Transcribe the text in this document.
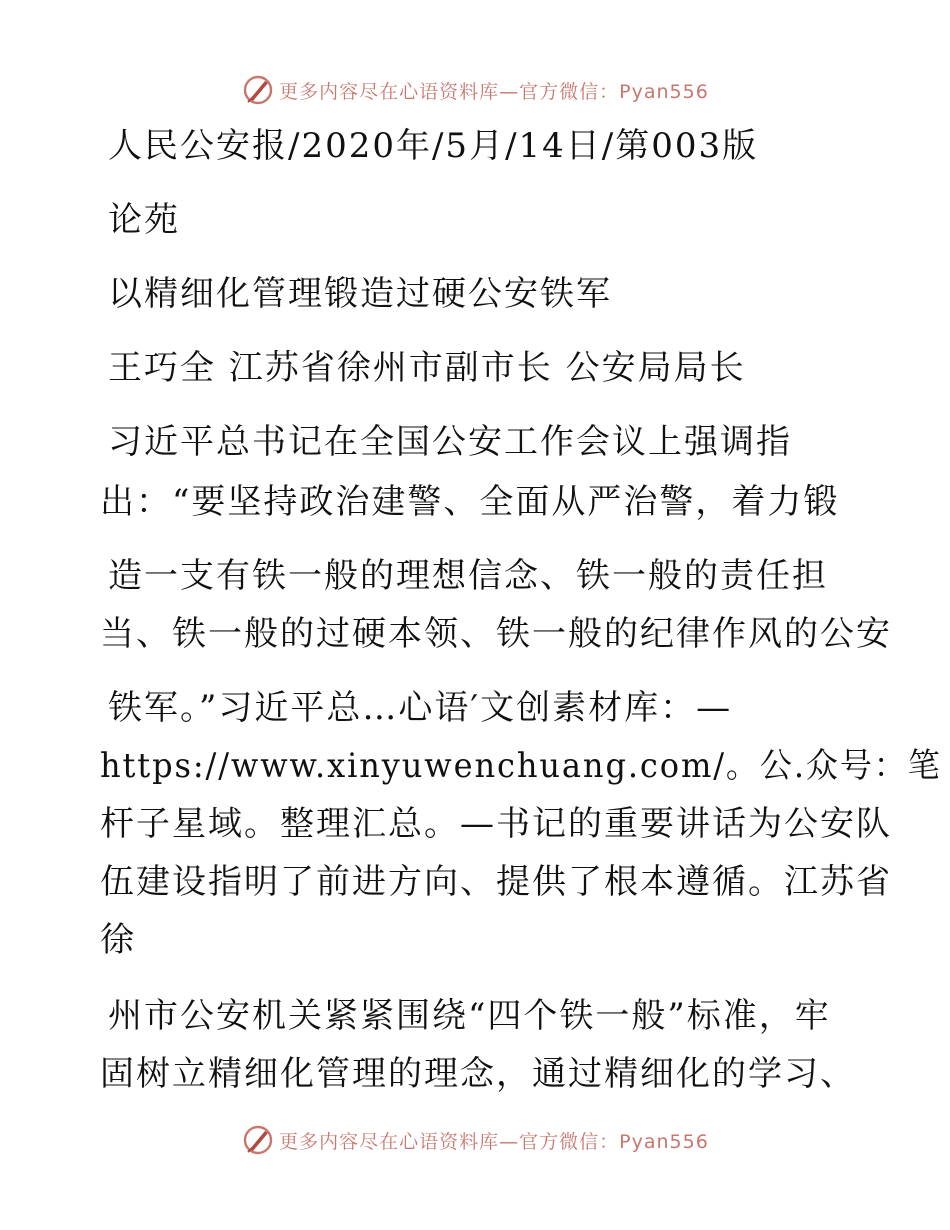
更多内容尽在心语资料库—官方微信：Pyan556
人民公安报/2020年/5月/14日/第003版
论苑
以精细化管理锻造过硬公安铁军
王巧全 江苏省徐州市副市长 公安局局长
习近平总书记在全国公安工作会议上强调指
出：“要坚持政治建警、全面从严治警，着力锻
造一支有铁一般的理想信念、铁一般的责任担
当、铁一般的过硬本领、铁一般的纪律作风的公安
铁军。”习近平总…心语′文创素材库：—
https://www.xinyuwenchuang.com/。公.众号：笔
杆子星域。整理汇总。—书记的重要讲话为公安队
伍建设指明了前进方向、提供了根本遵循。江苏省
徐
州市公安机关紧紧围绕“四个铁一般”标准，牢
固树立精细化管理的理念，通过精细化的学习、
更多内容尽在心语资料库—官方微信：Pyan556
